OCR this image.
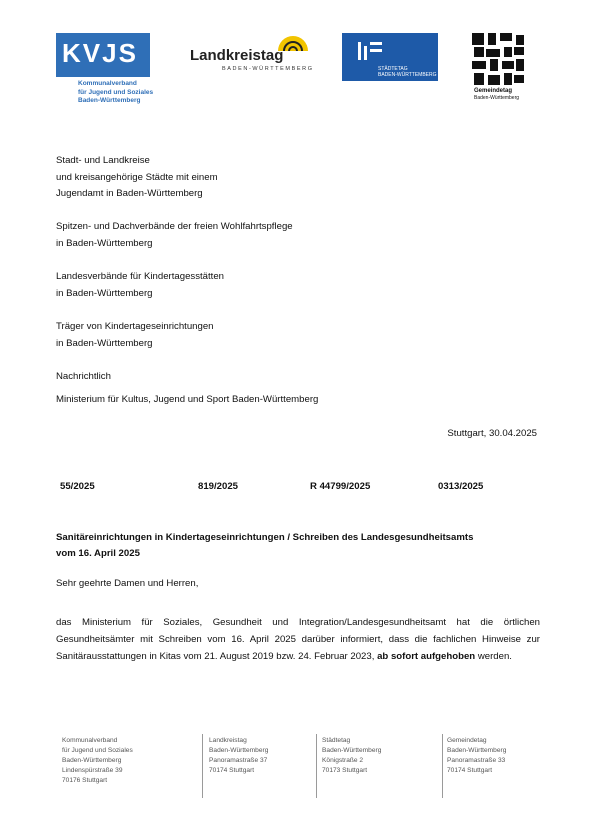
KVJS
Kommunalverband
für Jugend und Soziales
Baden-Württemberg
Landkreistag
BADEN-WÜRTTEMBERG	STÄDTETAG
BADEN-WÜRTTEMBERG
Gemeindetag
Baden-Württemberg
Stadt- und Landkreise
und kreisangehörige Städte mit einem
Jugendamt in Baden-Württemberg
Spitzen- und Dachverbände der freien Wohlfahrtspflege
in Baden-Württemberg
Landesverbände für Kindertagesstätten
in Baden-Württemberg
Träger von Kindertageseinrichtungen
in Baden-Württemberg
Nachrichtlich
Ministerium für Kultus, Jugend und Sport Baden-Württemberg
Stuttgart, 30.04.2025
55/2025	819/2025	R 44799/2025	0313/2025
Sanitäreinrichtungen in Kindertageseinrichtungen / Schreiben des Landesgesundheitsamts
vom 16. April 2025
Sehr geehrte Damen und Herren,
das Ministerium für Soziales, Gesundheit und Integration/Landesgesundheitsamt hat die örtlichen Gesundheitsämter mit Schreiben vom 16. April 2025 darüber informiert, dass die fachlichen Hinweise zur Sanitärausstattungen in Kitas vom 21. August 2019 bzw. 24. Februar 2023, ab sofort aufgehoben werden.
Kommunalverband
für Jugend und Soziales
Baden-Württemberg
Lindenspürstraße 39
70176 Stuttgart
Landkreistag
Baden-Württemberg
Panoramastraße 37
70174 Stuttgart
Städtetag
Baden-Württemberg
Königstraße 2
70173 Stuttgart
Gemeindetag
Baden-Württemberg
Panoramastraße 33
70174 Stuttgart
